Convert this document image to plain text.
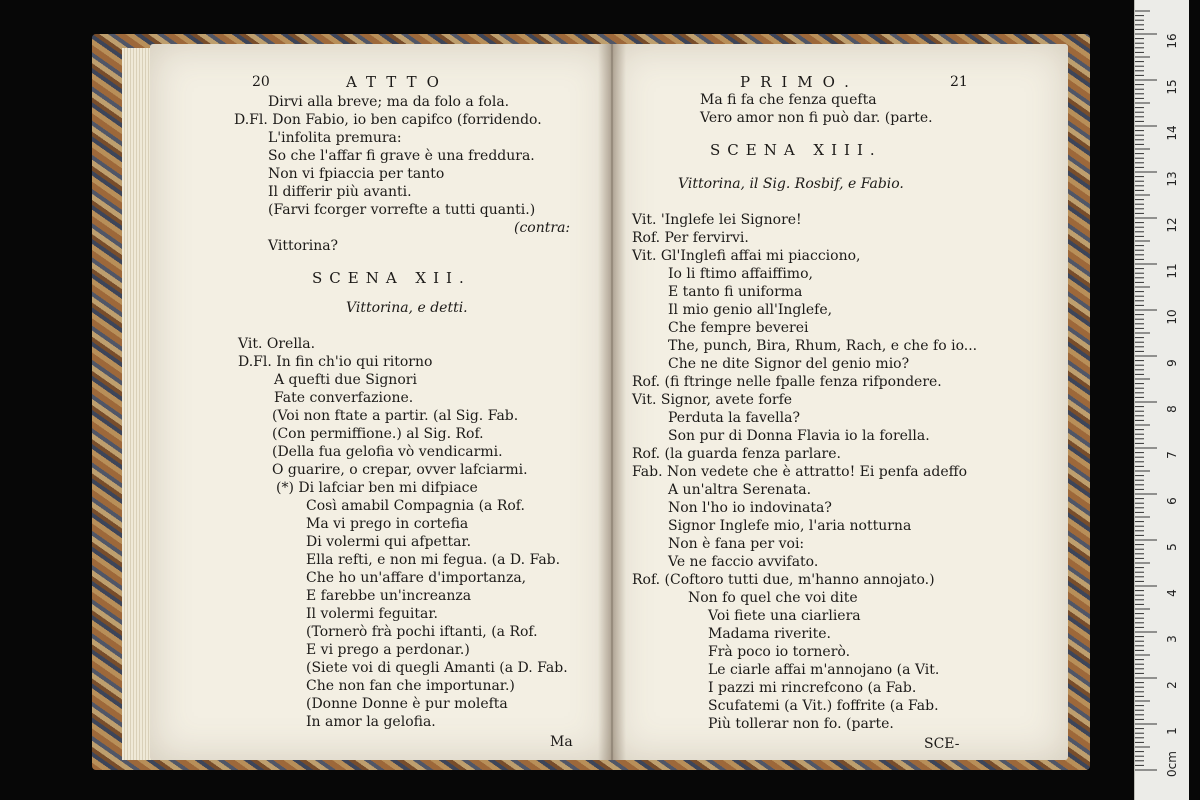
20	ATTTO
Dirvi alla breve; ma da folo a fola.
D.Fl. Don Fabio, io ben capifco (forridendo.
L'infolita premura:
So che l'affar fi grave è una freddura.
Non vi fpiaccia per tanto
Il differir più avanti.
(Farvi fcorger vorrefte a tutti quanti.)
(contra:
Vittorina?
SCENA XII.
Vittorina, e detti.
Vit. Orella.
D.Fl. In fin ch'io qui ritorno
A quefti due Signori
Fate converfazione.
(Voi non ftate a partir. (al Sig. Fab.
(Con permiffione.) al Sig. Rof.
(Della fua gelofia vò vendicarmi.
O guarire, o crepar, ovver lafciarmi.
(*) Di lafciar ben mi difpiace
Così amabil Compagnia (a Rof.
Ma vi prego in cortefia
Di volermi qui afpettar.
Ella refti, e non mi fegua. (a D. Fab.
Che ho un'affare d'importanza,
E farebbe un'increanza
Il volermi feguitar.
(Tornerò frà pochi iftanti, (a Rof.
E vi prego a perdonar.)
(Siete voi di quegli Amanti (a D. Fab.
Che non fan che importunar.)
(Donne Donne è pur molefta
In amor la gelofia.
Ma
PRIMO.	21
Ma fi fa che fenza quefta
Vero amor non fi può dar. (parte.
SCENA XIII.
Vittorina, il Sig. Rosbif, e Fabio.
Vit. 'Inglefe lei Signore!
Rof. Per fervirvi.
Vit. Gl'Inglefi affai mi piacciono,
Io li ftimo affaiffimo,
E tanto fi uniforma
Il mio genio all'Inglefe,
Che fempre beverei
The, punch, Bira, Rhum, Rach, e che fo io...
Che ne dite Signor del genio mio?
Rof. (fi ftringe nelle fpalle fenza rifpondere.
Vit. Signor, avete forfe
Perduta la favella?
Son pur di Donna Flavia io la forella.
Rof. (la guarda fenza parlare.
Fab. Non vedete che è attratto! Ei penfa adeffo
A un'altra Serenata.
Non l'ho io indovinata?
Signor Inglefe mio, l'aria notturna
Non è fana per voi:
Ve ne faccio avvifato.
Rof. (Coftoro tutti due, m'hanno annojato.)
Non fo quel che voi dite
Voi fiete una ciarliera
Madama riverite.
Frà poco io tornerò.
Le ciarle affai m'annojano (a Vit.
I pazzi mi rincrefcono (a Fab.
Scufatemi (a Vit.) foffrite (a Fab.
Più tollerar non fo. (parte.
SCE-
0cm
1
2
3
4
5
6
7
8
9
10
11
12
13
14
15
16
